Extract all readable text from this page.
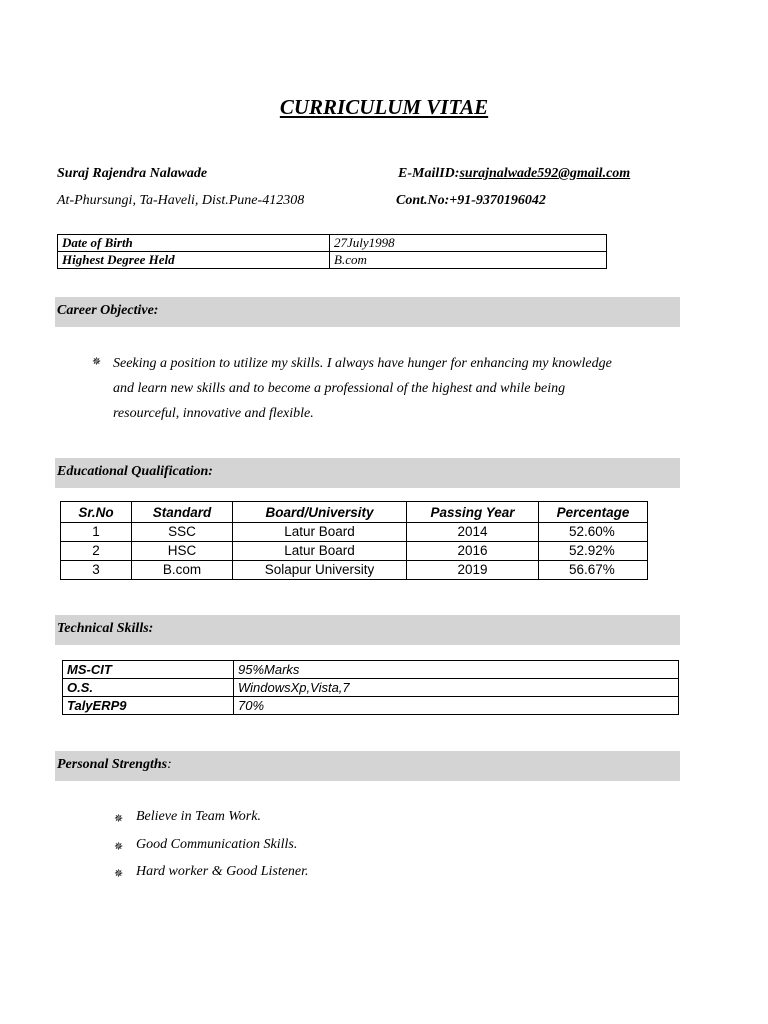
CURRICULUM VITAE
Suraj Rajendra Nalawade	E-MailID:surajnalwade592@gmail.com
At-Phursungi, Ta-Haveli, Dist.Pune-412308	Cont.No:+91-9370196042
Date of Birth	27July1998
Highest Degree Held	B.com
Career Objective:
✵ Seeking a position to utilize my skills. I always have hunger for enhancing my knowledge
and learn new skills and to become a professional of the highest and while being
resourceful, innovative and flexible.
Educational Qualification:
Sr.No	Standard	Board/University	Passing Year	Percentage
1	SSC	Latur Board	2014	52.60%
2	HSC	Latur Board	2016	52.92%
3	B.com	Solapur University	2019	56.67%
Technical Skills:
MS-CIT	95%Marks
O.S.	WindowsXp,Vista,7
TalyERP9	70%
Personal Strengths:
✵ Believe in Team Work.
✵ Good Communication Skills.
✵ Hard worker & Good Listener.
